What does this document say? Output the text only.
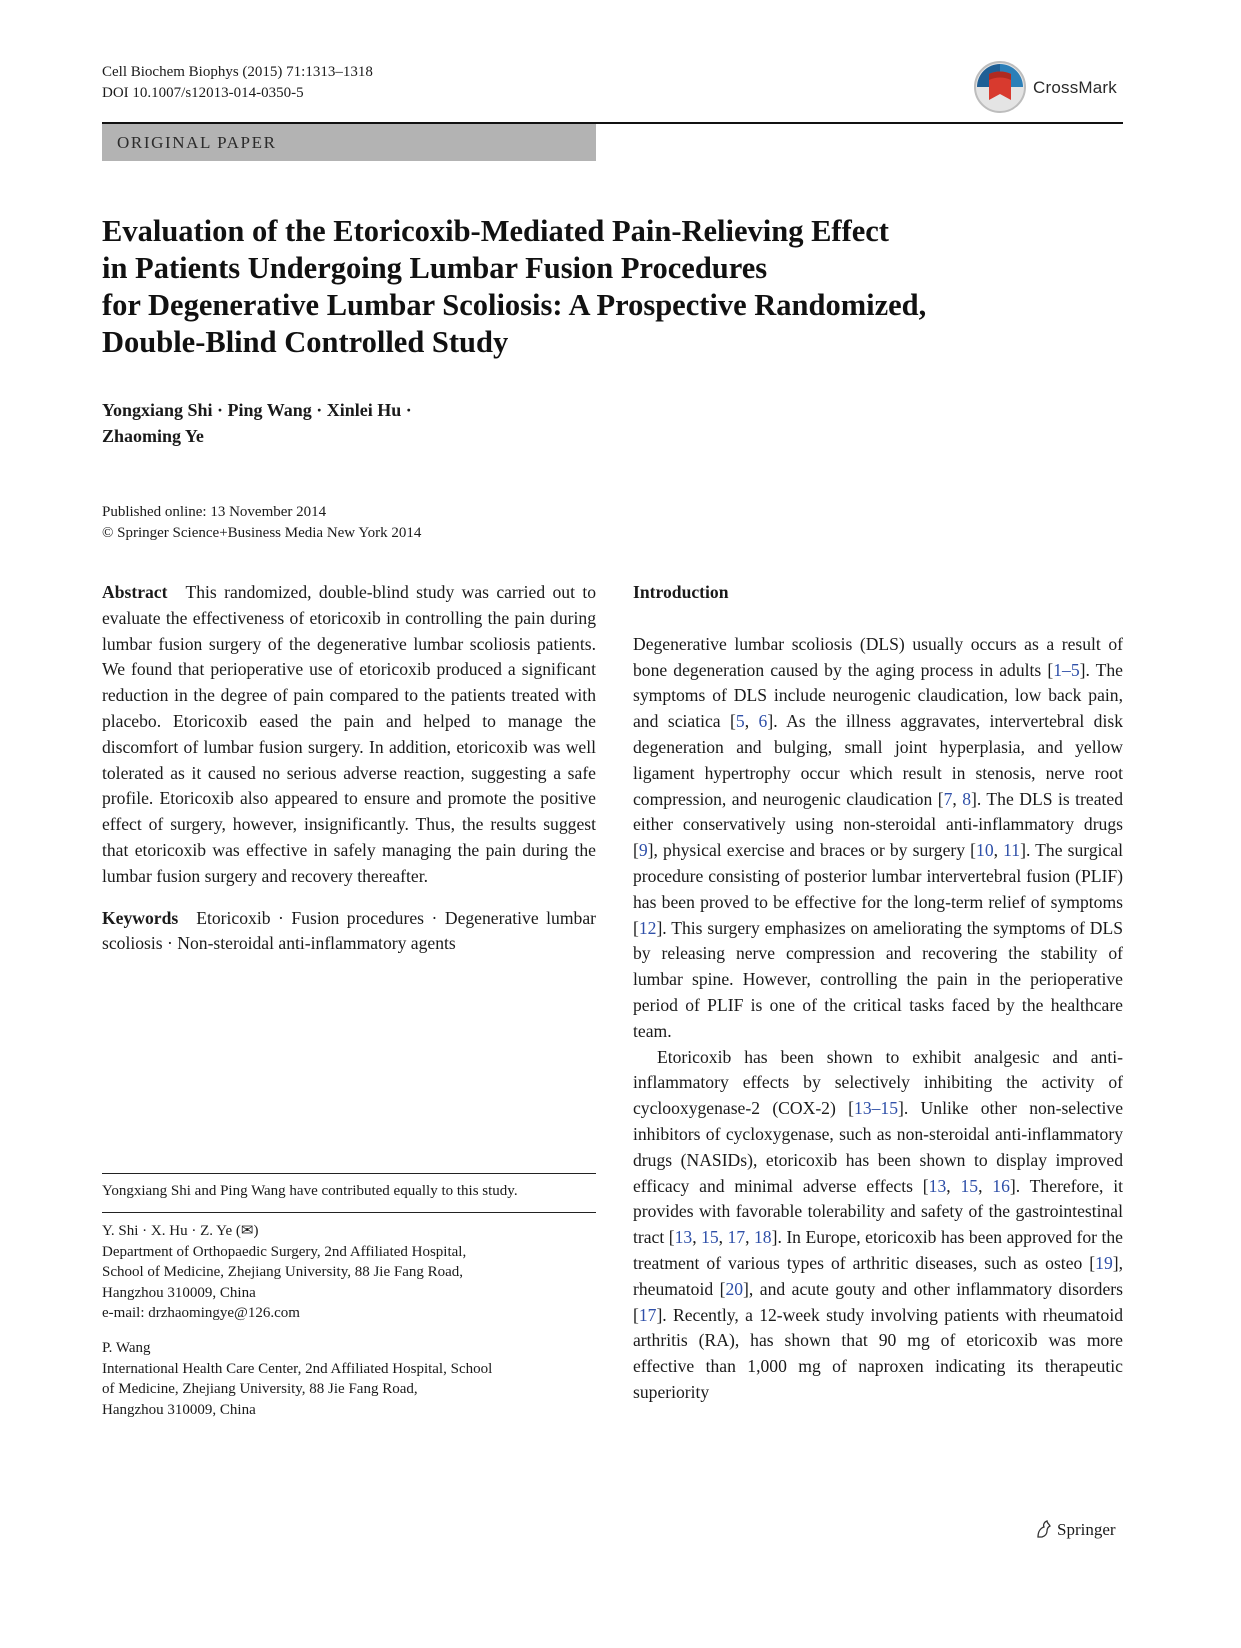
Cell Biochem Biophys (2015) 71:1313–1318
DOI 10.1007/s12013-014-0350-5	CrossMark
ORIGINAL PAPER
Evaluation of the Etoricoxib-Mediated Pain-Relieving Effect
in Patients Undergoing Lumbar Fusion Procedures
for Degenerative Lumbar Scoliosis: A Prospective Randomized,
Double-Blind Controlled Study
Yongxiang Shi · Ping Wang · Xinlei Hu ·
Zhaoming Ye
Published online: 13 November 2014
© Springer Science+Business Media New York 2014

Abstract This randomized, double-blind study was carried out to evaluate the effectiveness of etoricoxib in controlling the pain during lumbar fusion surgery of the degenerative lumbar scoliosis patients. We found that perioperative use of etoricoxib produced a significant reduction in the degree of pain compared to the patients treated with placebo. Etoricoxib eased the pain and helped to manage the discomfort of lumbar fusion surgery. In addition, etoricoxib was well tolerated as it caused no serious adverse reaction, suggesting a safe profile. Etoricoxib also appeared to ensure and promote the positive effect of surgery, however, insignificantly. Thus, the results suggest that etoricoxib was effective in safely managing the pain during the lumbar fusion surgery and recovery thereafter.

Keywords Etoricoxib · Fusion procedures · Degenerative lumbar scoliosis · Non-steroidal anti-inflammatory agents

Yongxiang Shi and Ping Wang have contributed equally to this study.
Y. Shi · X. Hu · Z. Ye (✉)
Department of Orthopaedic Surgery, 2nd Affiliated Hospital,
School of Medicine, Zhejiang University, 88 Jie Fang Road,
Hangzhou 310009, China
e-mail: drzhaomingye@126.com
P. Wang
International Health Care Center, 2nd Affiliated Hospital, School
of Medicine, Zhejiang University, 88 Jie Fang Road,
Hangzhou 310009, China

Introduction

Degenerative lumbar scoliosis (DLS) usually occurs as a result of bone degeneration caused by the aging process in adults [1–5]. The symptoms of DLS include neurogenic claudication, low back pain, and sciatica [5, 6]. As the illness aggravates, intervertebral disk degeneration and bulging, small joint hyperplasia, and yellow ligament hypertrophy occur which result in stenosis, nerve root compression, and neurogenic claudication [7, 8]. The DLS is treated either conservatively using non-steroidal anti-inflammatory drugs [9], physical exercise and braces or by surgery [10, 11]. The surgical procedure consisting of posterior lumbar intervertebral fusion (PLIF) has been proved to be effective for the long-term relief of symptoms [12]. This surgery emphasizes on ameliorating the symptoms of DLS by releasing nerve compression and recovering the stability of lumbar spine. However, controlling the pain in the perioperative period of PLIF is one of the critical tasks faced by the healthcare team.

Etoricoxib has been shown to exhibit analgesic and anti-inflammatory effects by selectively inhibiting the activity of cyclooxygenase-2 (COX-2) [13–15]. Unlike other non-selective inhibitors of cycloxygenase, such as non-steroidal anti-inflammatory drugs (NASIDs), etoricoxib has been shown to display improved efficacy and minimal adverse effects [13, 15, 16]. Therefore, it provides with favorable tolerability and safety of the gastrointestinal tract [13, 15, 17, 18]. In Europe, etoricoxib has been approved for the treatment of various types of arthritic diseases, such as osteo [19], rheumatoid [20], and acute gouty and other inflammatory disorders [17]. Recently, a 12-week study involving patients with rheumatoid arthritis (RA), has shown that 90 mg of etoricoxib was more effective than 1,000 mg of naproxen indicating its therapeutic superiority

Springer
